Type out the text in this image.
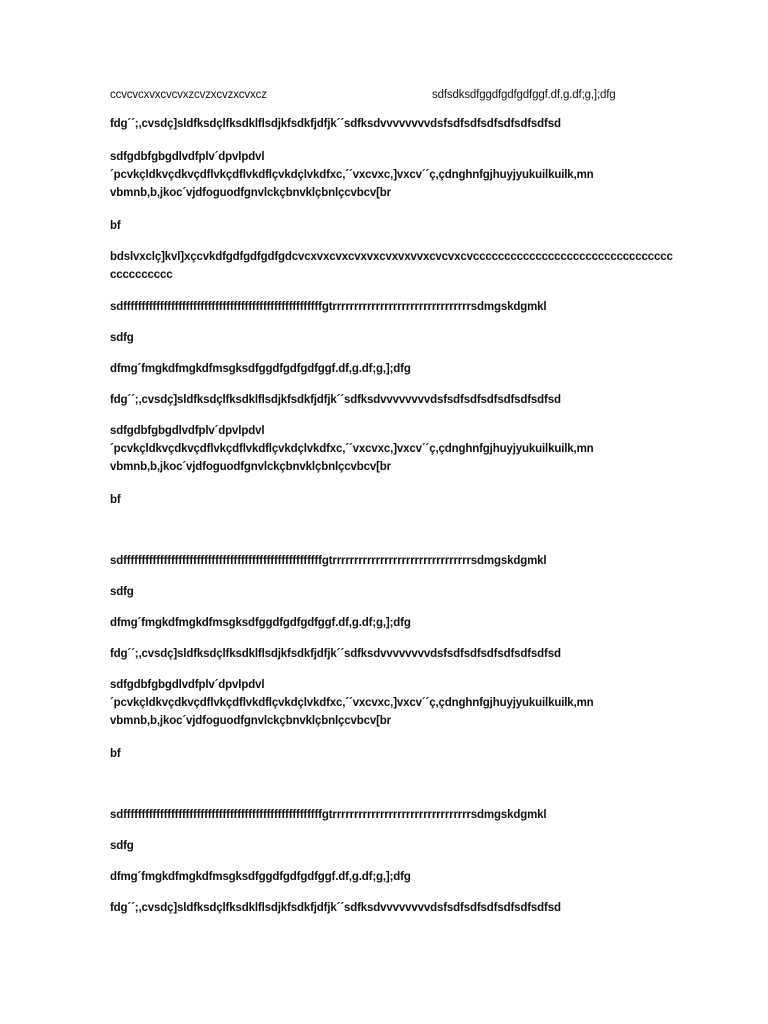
ccvcvcxvxcvcvxzcvzxcvzxcvxcz	sdfsdksdfggdfgdfgdfggf.df,g.df;g,];dfg
fdg´´;,cvsdç]sldfksdçlfksdklflsdjkfsdkfjdfjk´´sdfksdvvvvvvvvdsfsdfsdfsdfsdfsdfsdfsd
sdfgdbfgbgdlvdfplv´dpvlpdvl
´pcvkçldkvçdkvçdflvkçdflvkdflçvkdçlvkdfxc,´´vxcvxc,]vxcv´´ç,çdnghnfgjhuyjyukuilkuilk,mn
vbmnb,b,jkoc´vjdfoguodfgnvlckçbnvklçbnlçcvbcv[br
bf
bdslvxclç]kvl]xçcvkdfgdfgdfgdfgdcvcxvxcvxcvxvxcvxvxvvxcvcvxcvcccccccccccccccccccccccccccccccc
cccccccccc
sdffffffffffffffffffffffffffffffffffffffffffffffffffffffgtrrrrrrrrrrrrrrrrrrrrrrrrrrrrrrrrsdmgskdgmkl
sdfg
dfmg´fmgkdfmgkdfmsgksdfggdfgdfgdfggf.df,g.df;g,];dfg
fdg´´;,cvsdç]sldfksdçlfksdklflsdjkfsdkfjdfjk´´sdfksdvvvvvvvvdsfsdfsdfsdfsdfsdfsdfsd
sdfgdbfgbgdlvdfplv´dpvlpdvl
´pcvkçldkvçdkvçdflvkçdflvkdflçvkdçlvkdfxc,´´vxcvxc,]vxcv´´ç,çdnghnfgjhuyjyukuilkuilk,mn
vbmnb,b,jkoc´vjdfoguodfgnvlckçbnvklçbnlçcvbcv[br
bf
sdffffffffffffffffffffffffffffffffffffffffffffffffffffffgtrrrrrrrrrrrrrrrrrrrrrrrrrrrrrrrrsdmgskdgmkl
sdfg
dfmg´fmgkdfmgkdfmsgksdfggdfgdfgdfggf.df,g.df;g,];dfg
fdg´´;,cvsdç]sldfksdçlfksdklflsdjkfsdkfjdfjk´´sdfksdvvvvvvvvdsfsdfsdfsdfsdfsdfsdfsd
sdfgdbfgbgdlvdfplv´dpvlpdvl
´pcvkçldkvçdkvçdflvkçdflvkdflçvkdçlvkdfxc,´´vxcvxc,]vxcv´´ç,çdnghnfgjhuyjyukuilkuilk,mn
vbmnb,b,jkoc´vjdfoguodfgnvlckçbnvklçbnlçcvbcv[br
bf
sdffffffffffffffffffffffffffffffffffffffffffffffffffffffgtrrrrrrrrrrrrrrrrrrrrrrrrrrrrrrrrsdmgskdgmkl
sdfg
dfmg´fmgkdfmgkdfmsgksdfggdfgdfgdfggf.df,g.df;g,];dfg
fdg´´;,cvsdç]sldfksdçlfksdklflsdjkfsdkfjdfjk´´sdfksdvvvvvvvvdsfsdfsdfsdfsdfsdfsdfsd
